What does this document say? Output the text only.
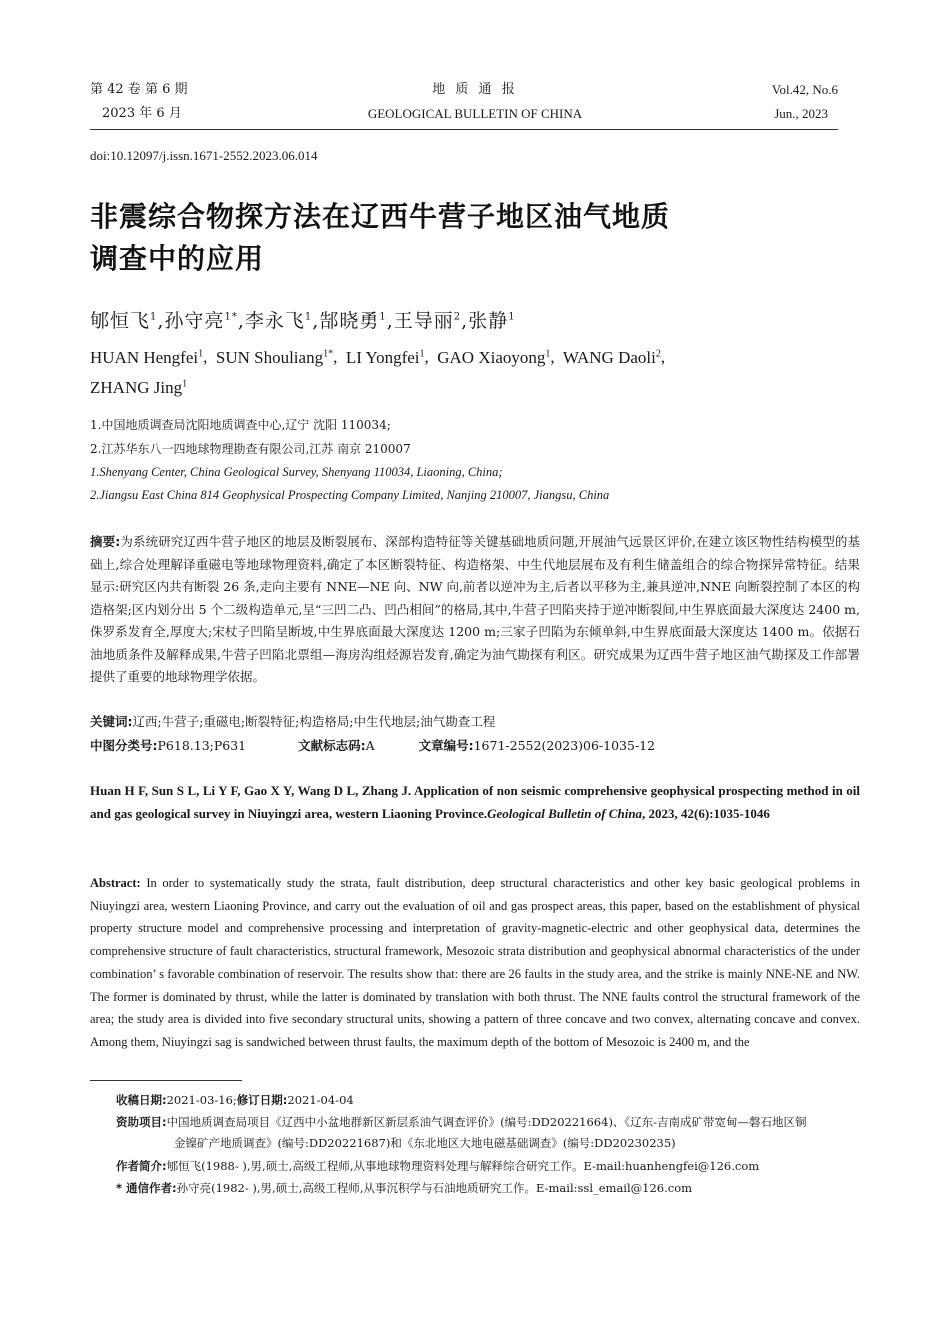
第 42 卷 第 6 期
2023 年 6 月
地 质 通 报
GEOLOGICAL BULLETIN OF CHINA
Vol.42, No.6
Jun., 2023
doi:10.12097/j.issn.1671-2552.2023.06.014
非震综合物探方法在辽西牛营子地区油气地质
调查中的应用
郇恒飞$^1$,孙守亮$^{1*}$,李永飞$^1$,郜晓勇$^1$,王导丽$^2$,张静$^1$
HUAN Hengfei$^1$,  SUN Shouliang$^{1*}$,  LI Yongfei$^1$,  GAO Xiaoyong$^1$,  WANG Daoli$^2$,
ZHANG Jing$^1$
1.中国地质调查局沈阳地质调查中心,辽宁 沈阳 110034;
2.江苏华东八一四地球物理勘查有限公司,江苏 南京 210007
1.Shenyang Center, China Geological Survey, Shenyang 110034, Liaoning, China;
2.Jiangsu East China 814 Geophysical Prospecting Company Limited, Nanjing 210007, Jiangsu, China
摘要:为系统研究辽西牛营子地区的地层及断裂展布、深部构造特征等关键基础地质问题,开展油气远景区评价,在建立该区物性结构模型的基础上,综合处理解译重磁电等地球物理资料,确定了本区断裂特征、构造格架、中生代地层展布及有利生储盖组合的综合物探异常特征。结果显示:研究区内共有断裂 26 条,走向主要有 NNE—NE 向、NW 向,前者以逆冲为主,后者以平移为主,兼具逆冲,NNE 向断裂控制了本区的构造格架;区内划分出 5 个二级构造单元,呈“三凹二凸、凹凸相间”的格局,其中,牛营子凹陷夹持于逆冲断裂间,中生界底面最大深度达 2400 m,侏罗系发育全,厚度大;宋杖子凹陷呈断坡,中生界底面最大深度达 1200 m;三家子凹陷为东倾单斜,中生界底面最大深度达 1400 m。依据石油地质条件及解释成果,牛营子凹陷北票组—海房沟组烃源岩发育,确定为油气勘探有利区。研究成果为辽西牛营子地区油气勘探及工作部署提供了重要的地球物理学依据。
关键词:辽西;牛营子;重磁电;断裂特征;构造格局;中生代地层;油气勘查工程
中图分类号:P618.13;P631	文献标志码:A	文章编号:1671-2552(2023)06-1035-12
Huan H F, Sun S L, Li Y F, Gao X Y, Wang D L, Zhang J. Application of non seismic comprehensive geophysical prospecting method in oil and gas geological survey in Niuyingzi area, western Liaoning Province.Geological Bulletin of China, 2023, 42(6):1035-1046
Abstract: In order to systematically study the strata, fault distribution, deep structural characteristics and other key basic geological problems in Niuyingzi area, western Liaoning Province, and carry out the evaluation of oil and gas prospect areas, this paper, based on the establishment of physical property structure model and comprehensive processing and interpretation of gravity-magnetic-electric and other geophysical data, determines the comprehensive structure of fault characteristics, structural framework, Mesozoic strata distribution and geophysical abnormal characteristics of the under combination’ s favorable combination of reservoir. The results show that: there are 26 faults in the study area, and the strike is mainly NNE-NE and NW. The former is dominated by thrust, while the latter is dominated by translation with both thrust. The NNE faults control the structural framework of the area; the study area is divided into five secondary structural units, showing a pattern of three concave and two convex, alternating concave and convex. Among them, Niuyingzi sag is sandwiched between thrust faults, the maximum depth of the bottom of Mesozoic is 2400 m, and the
收稿日期:2021-03-16;修订日期:2021-04-04
资助项目:中国地质调查局项目《辽西中小盆地群新区新层系油气调查评价》(编号:DD20221664)、《辽东-吉南成矿带宽甸—磐石地区铜
金镍矿产地质调查》(编号:DD20221687)和《东北地区大地电磁基础调查》(编号:DD20230235)
作者简介:郇恒飞(1988- ),男,硕士,高级工程师,从事地球物理资料处理与解释综合研究工作。E-mail:huanhengfei@126.com
* 通信作者:孙守亮(1982- ),男,硕士,高级工程师,从事沉积学与石油地质研究工作。E-mail:ssl_email@126.com
